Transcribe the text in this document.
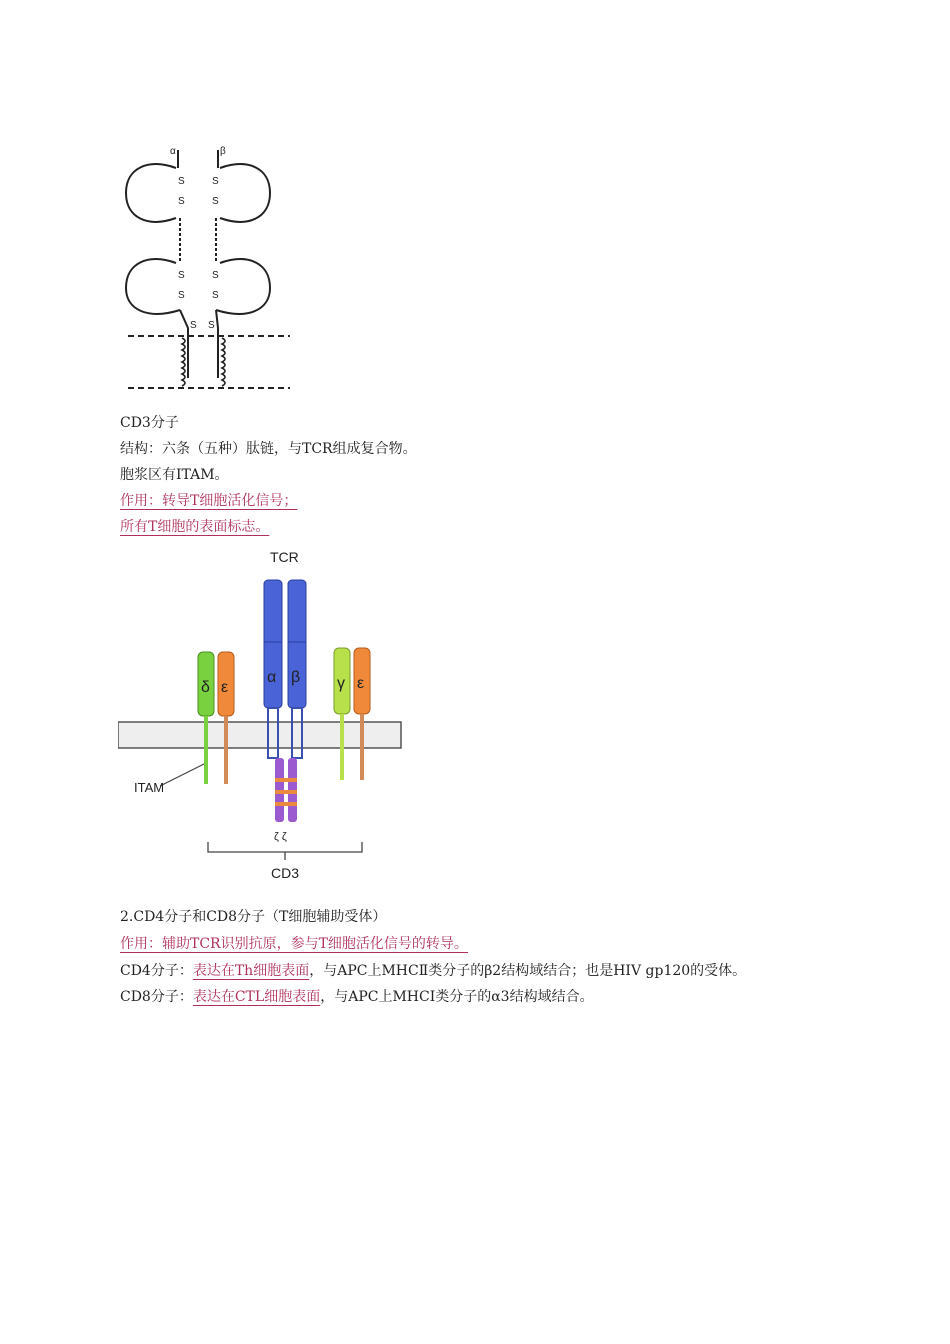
α	β
S
S
S
S
S
S
S
S
S S
CD3分子
结构：六条（五种）肽链，与TCR组成复合物。
胞浆区有ITAM。
作用：转导T细胞活化信号；
所有T细胞的表面标志。
TCR
ITAM
CD3
ζ ζ
δ ε
α β γ ε
2.CD4分子和CD8分子（T细胞辅助受体）
作用：辅助TCR识别抗原，参与T细胞活化信号的转导。
CD4分子：表达在Th细胞表面，与APC上MHCⅡ类分子的β2结构域结合；也是HIV gp120的受体。
CD8分子：表达在CTL细胞表面，与APC上MHCⅠ类分子的α3结构域结合。
